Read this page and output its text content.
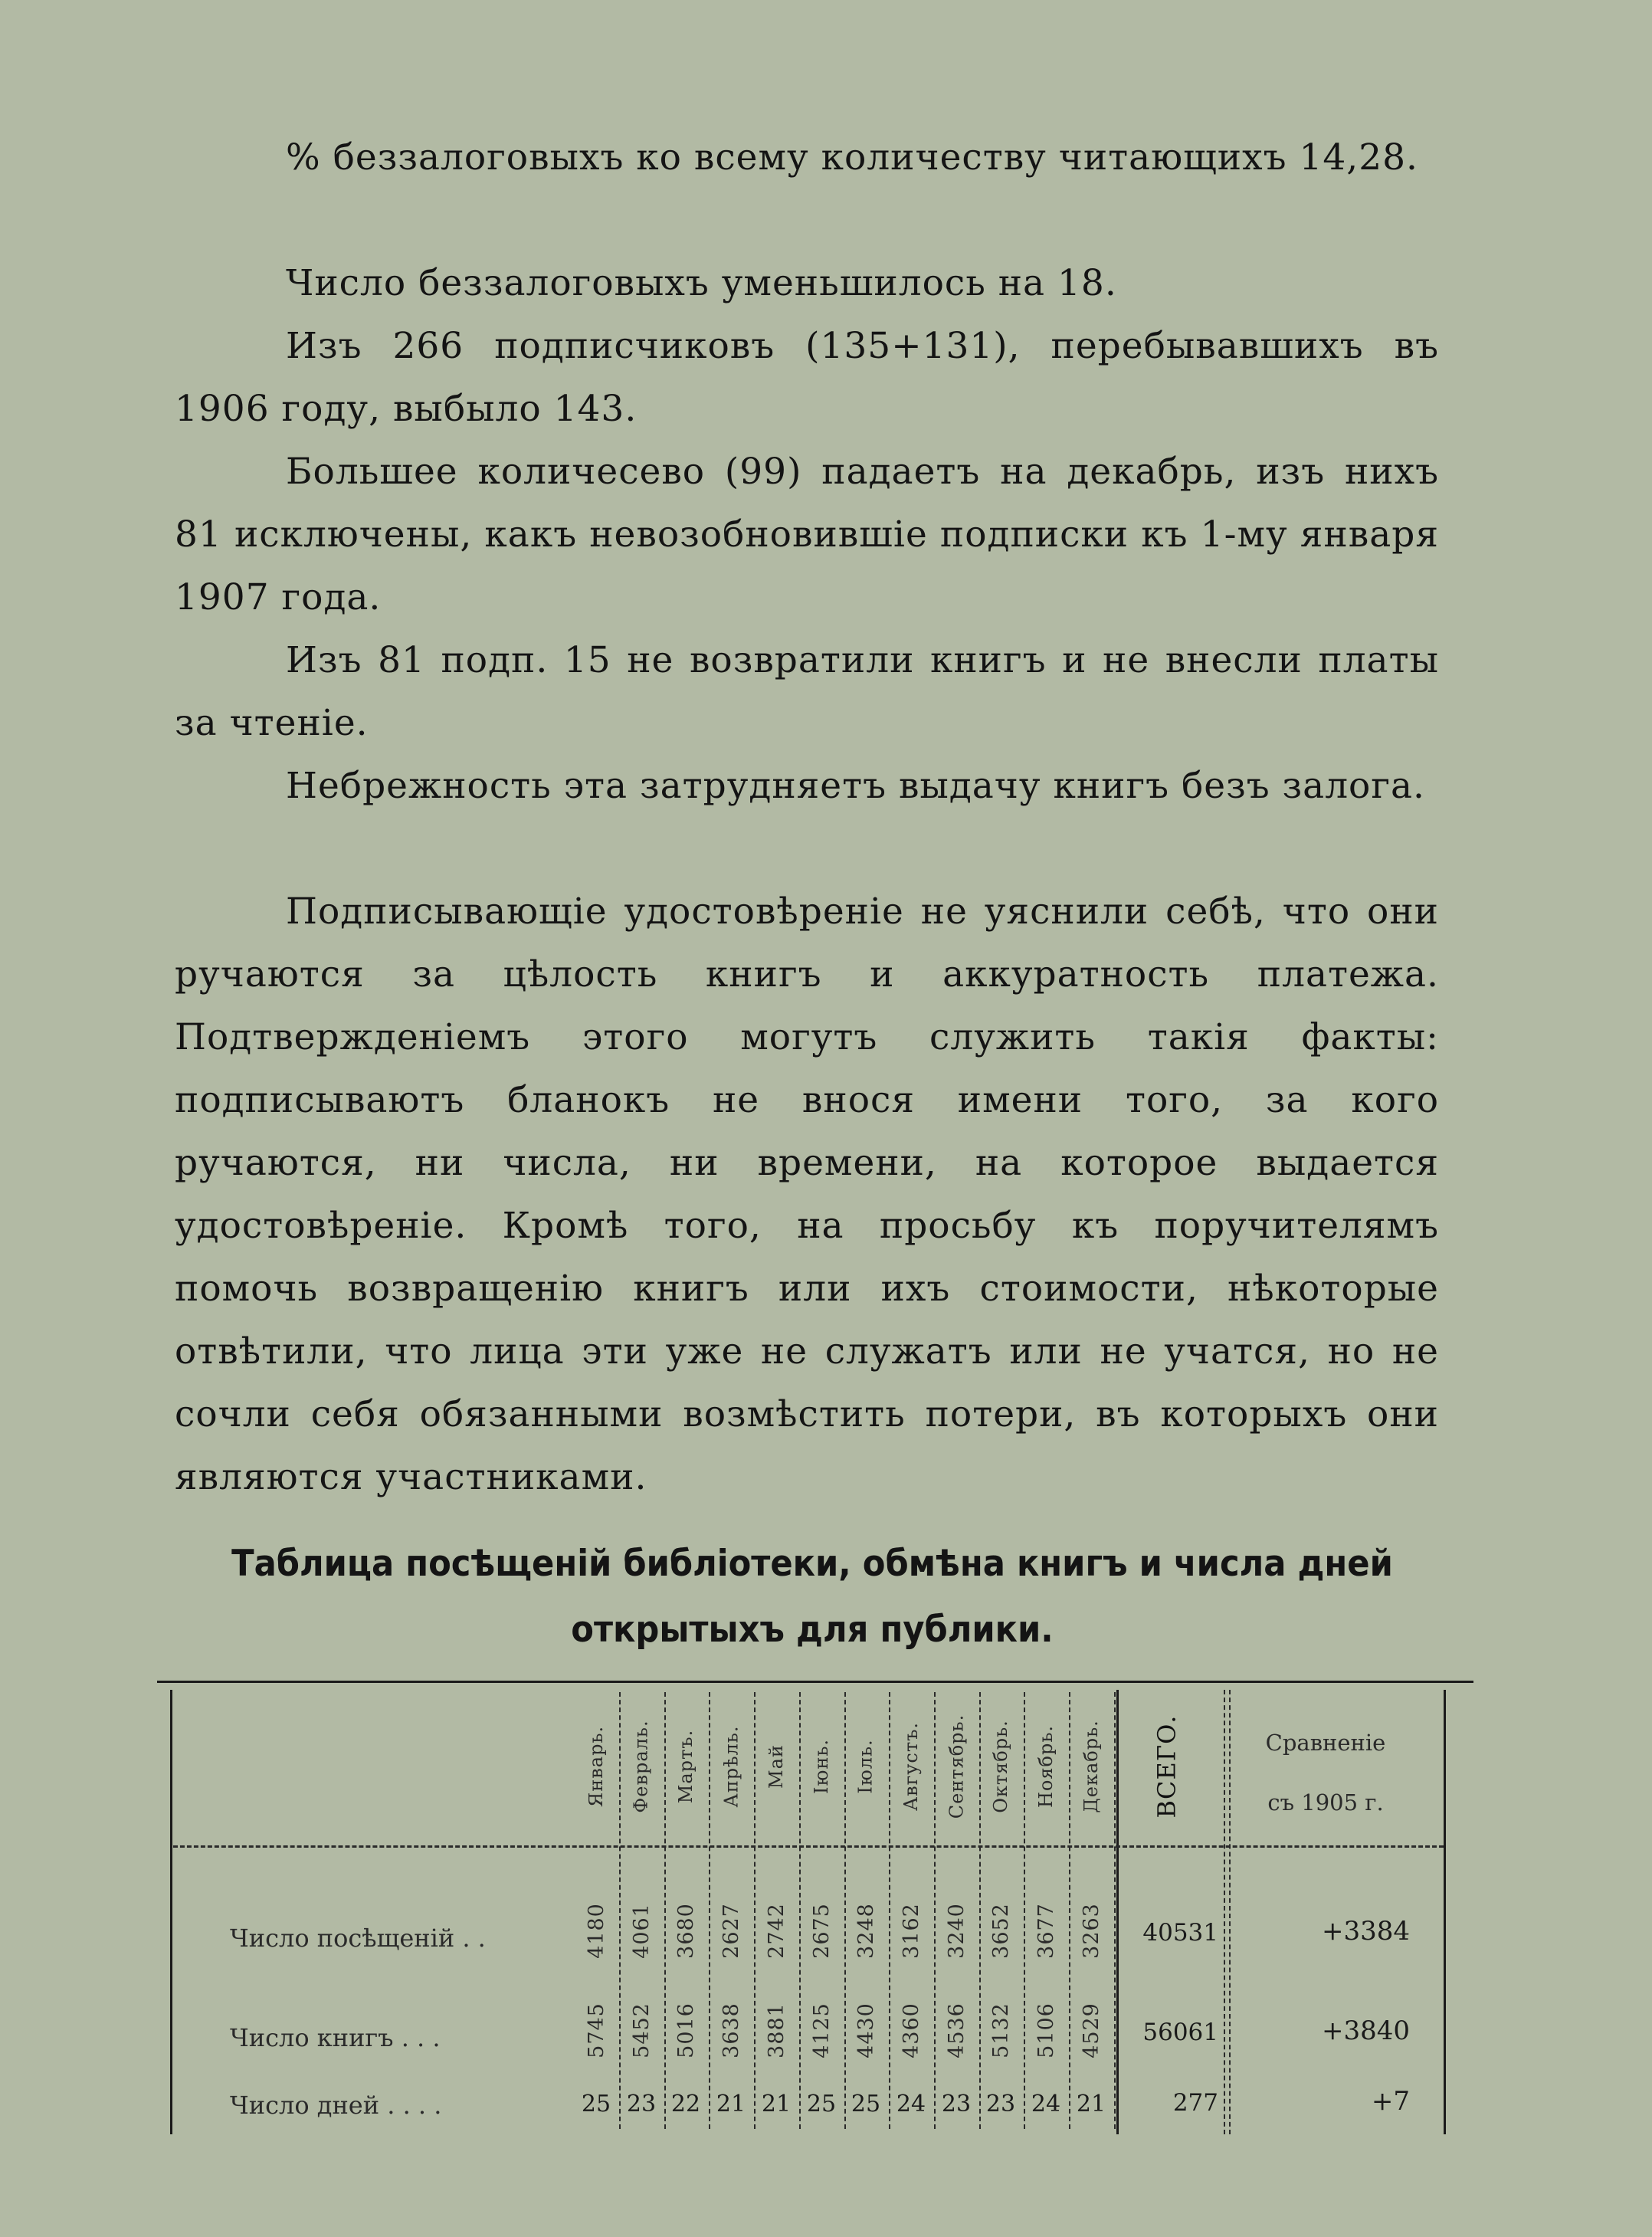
% беззалоговыхъ ко всему количеству читающихъ 14,28.

Число беззалоговыхъ уменьшилось на 18.

Изъ 266 подписчиковъ (135+131), перебывавшихъ въ 1906 году, выбыло 143.

Большее количесево (99) падаетъ на декабрь, изъ нихъ 81 исключены, какъ невозобновившіе подписки къ 1-му января 1907 года.

Изъ 81 подп. 15 не возвратили книгъ и не внесли платы за чтеніе.

Небрежность эта затрудняетъ выдачу книгъ безъ залога.

Подписывающіе удостовѣреніе не уяснили себѣ, что они ручаются за цѣлость книгъ и аккуратность платежа. Подтвержденіемъ этого могутъ служить такія факты: подписываютъ бланокъ не внося имени того, за кого ручаются, ни числа, ни времени, на которое выдается удостовѣреніе. Кромѣ того, на просьбу къ поручителямъ помочь возвращенію книгъ или ихъ стоимости, нѣкоторые отвѣтили, что лица эти уже не служатъ или не учатся, но не сочли себя обязанными возмѣстить потери, въ которыхъ они являются участниками.

Таблица посѣщеній библіотеки, обмѣна книгъ и числа дней
открытыхъ для публики.
Январь. Февраль. Мартъ. Апрѣль. Май Іюнь. Іюль. Августъ. Сентябрь. Октябрь. Ноябрь. Декабрь. ВСЕГО.	Сравненіе
съ 1905 г.
Число посѣщеній . .
Число книгъ . . .
Число дней . . . .
4180 4061 3680 2627 2742 2675 3248 3162 3240 3652 3677 3263
5745 5452 5016 3638 3881 4125 4430 4360 4536 5132 5106 4529
25 23 22 21 21 25 25 24 23 23 24 21
40531
56061
277
+3384
+3840
+7
